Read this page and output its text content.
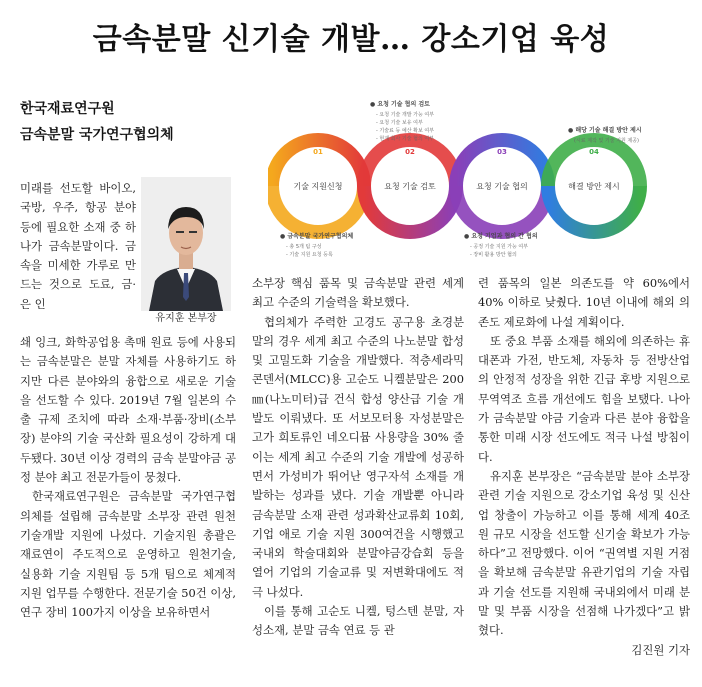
금속분말 신기술 개발… 강소기업 육성
한국재료연구원
금속분말 국가연구협의체
01	02	03	04
기술 지원신청	요청 기술 검토	요청 기술 협의	해결 방안 제시
● 요청 기술 협의 검토
- 요청 기술 개발 가능 여부
- 요청 기술 보유 여부
- 기술료 등 예산 확보 여부
- 현재 회사 기술 협의 여부
● 금속분말 국가연구협의체
- 총 5개 팀 구성
- 기술 지원 요청 등록
● 요청 기업과 협의 간 협의
- 공정 기술 지원 가능 여부
- 장비 활용 방안 협의
● 해당 기술 해결 방안 제시
(시료 제작 및 기술 지원 제공)
유지훈 본부장

미래를 선도할 바이오, 국방, 우주, 항공 분야 등에 필요한 소재 중 하나가 금속분말이다. 금속을 미세한 가루로 만드는 것으로 도료, 금·은 인

쇄 잉크, 화학공업용 촉매 원료 등에 사용되는 금속분말은 분말 자체를 사용하기도 하지만 다른 분야와의 융합으로 새로운 기술을 선도할 수 있다. 2019년 7월 일본의 수출 규제 조치에 따라 소재·부품·장비(소부장) 분야의 기술 국산화 필요성이 강하게 대두됐다. 30년 이상 경력의 금속 분말야금 공정 분야 최고 전문가들이 뭉쳤다.

한국재료연구원은 금속분말 국가연구협의체를 설립해 금속분말 소부장 관련 원천 기술개발 지원에 나섰다. 기술지원 총괄은 재료연이 주도적으로 운영하고 원천기술, 실용화 기술 지원팀 등 5개 팀으로 체계적 지원 업무를 수행한다. 전문기술 50건 이상, 연구 장비 100가지 이상을 보유하면서

소부장 핵심 품목 및 금속분말 관련 세계 최고 수준의 기술력을 확보했다.

협의체가 주력한 고경도 공구용 초경분말의 경우 세계 최고 수준의 나노분말 합성 및 고밀도화 기술을 개발했다. 적층세라믹콘덴서(MLCC)용 고순도 니켈분말은 200㎚(나노미터)급 건식 합성 양산급 기술 개발도 이뤄냈다. 또 서보모터용 자성분말은 고가 희토류인 네오디뮴 사용량을 30% 줄이는 세계 최고 수준의 기술 개발에 성공하면서 가성비가 뛰어난 영구자석 소재를 개발하는 성과를 냈다. 기술 개발뿐 아니라 금속분말 소재 관련 성과확산교류회 10회, 기업 애로 기술 지원 300여건을 시행했고 국내외 학술대회와 분말야금강습회 등을 열어 기업의 기술교류 및 저변확대에도 적극 나섰다.

이를 통해 고순도 니켈, 텅스텐 분말, 자성소재, 분말 금속 연료 등 관

련 품목의 일본 의존도를 약 60%에서 40% 이하로 낮췄다. 10년 이내에 해외 의존도 제로화에 나설 계획이다.

또 중요 부품 소재를 해외에 의존하는 휴대폰과 가전, 반도체, 자동차 등 전방산업의 안정적 성장을 위한 긴급 후방 지원으로 무역역조 흐름 개선에도 힘을 보탰다. 나아가 금속분말 야금 기술과 다른 분야 융합을 통한 미래 시장 선도에도 적극 나설 방침이다.

유지훈 본부장은 “금속분말 분야 소부장 관련 기술 지원으로 강소기업 육성 및 신산업 창출이 가능하고 이를 통해 세계 40조원 규모 시장을 선도할 신기술 확보가 가능하다”고 전망했다. 이어 “권역별 지원 거점을 확보해 금속분말 유관기업의 기술 자립과 기술 선도를 지원해 국내외에서 미래 분말 및 부품 시장을 선점해 나가겠다”고 밝혔다.

김진원 기자
